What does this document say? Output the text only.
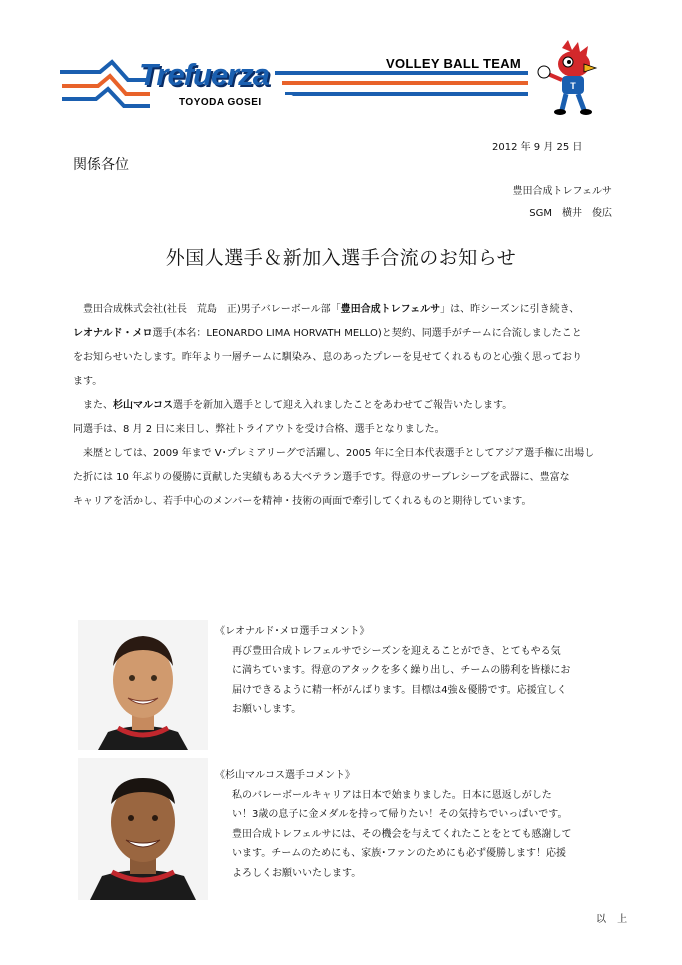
Trefuerza
TOYODA GOSEI
VOLLEY BALL TEAM
T
2012 年 9 月 25 日
関係各位
豊田合成トレフェルサ
SGM　横井　俊広
外国人選手＆新加入選手合流のお知らせ

豊田合成株式会社(社長　荒島　正)男子バレーボール部「豊田合成トレフェルサ」は、昨シーズンに引き続き、

レオナルド・メロ選手(本名：LEONARDO LIMA HORVATH MELLO)と契約、同選手がチームに合流しましたこと

をお知らせいたします。昨年より一層チームに馴染み、息のあったプレーを見せてくれるものと心強く思っており

ます。

また、杉山マルコス選手を新加入選手として迎え入れましたことをあわせてご報告いたします。

同選手は、8 月 2 日に来日し、弊社トライアウトを受け合格、選手となりました。

来歴としては、2009 年まで V･プレミアリーグで活躍し、2005 年に全日本代表選手としてアジア選手権に出場し

た折には 10 年ぶりの優勝に貢献した実績もある大ベテラン選手です。得意のサーブレシーブを武器に、豊富な

キャリアを活かし、若手中心のメンバーを精神・技術の両面で牽引してくれるものと期待しています。

《レオナルド･メロ選手コメント》

再び豊田合成トレフェルサでシーズンを迎えることができ、とてもやる気

に満ちています。得意のアタックを多く繰り出し、チームの勝利を皆様にお

届けできるように精一杯がんばります。目標は4強＆優勝です。応援宜しく

お願いします。

《杉山マルコス選手コメント》

私のバレーボールキャリアは日本で始まりました。日本に恩返しがした

い！3歳の息子に金メダルを持って帰りたい！その気持ちでいっぱいです。

豊田合成トレフェルサには、その機会を与えてくれたことをとても感謝して

います。チームのためにも、家族･ファンのためにも必ず優勝します！応援

よろしくお願いいたします。

以 上
